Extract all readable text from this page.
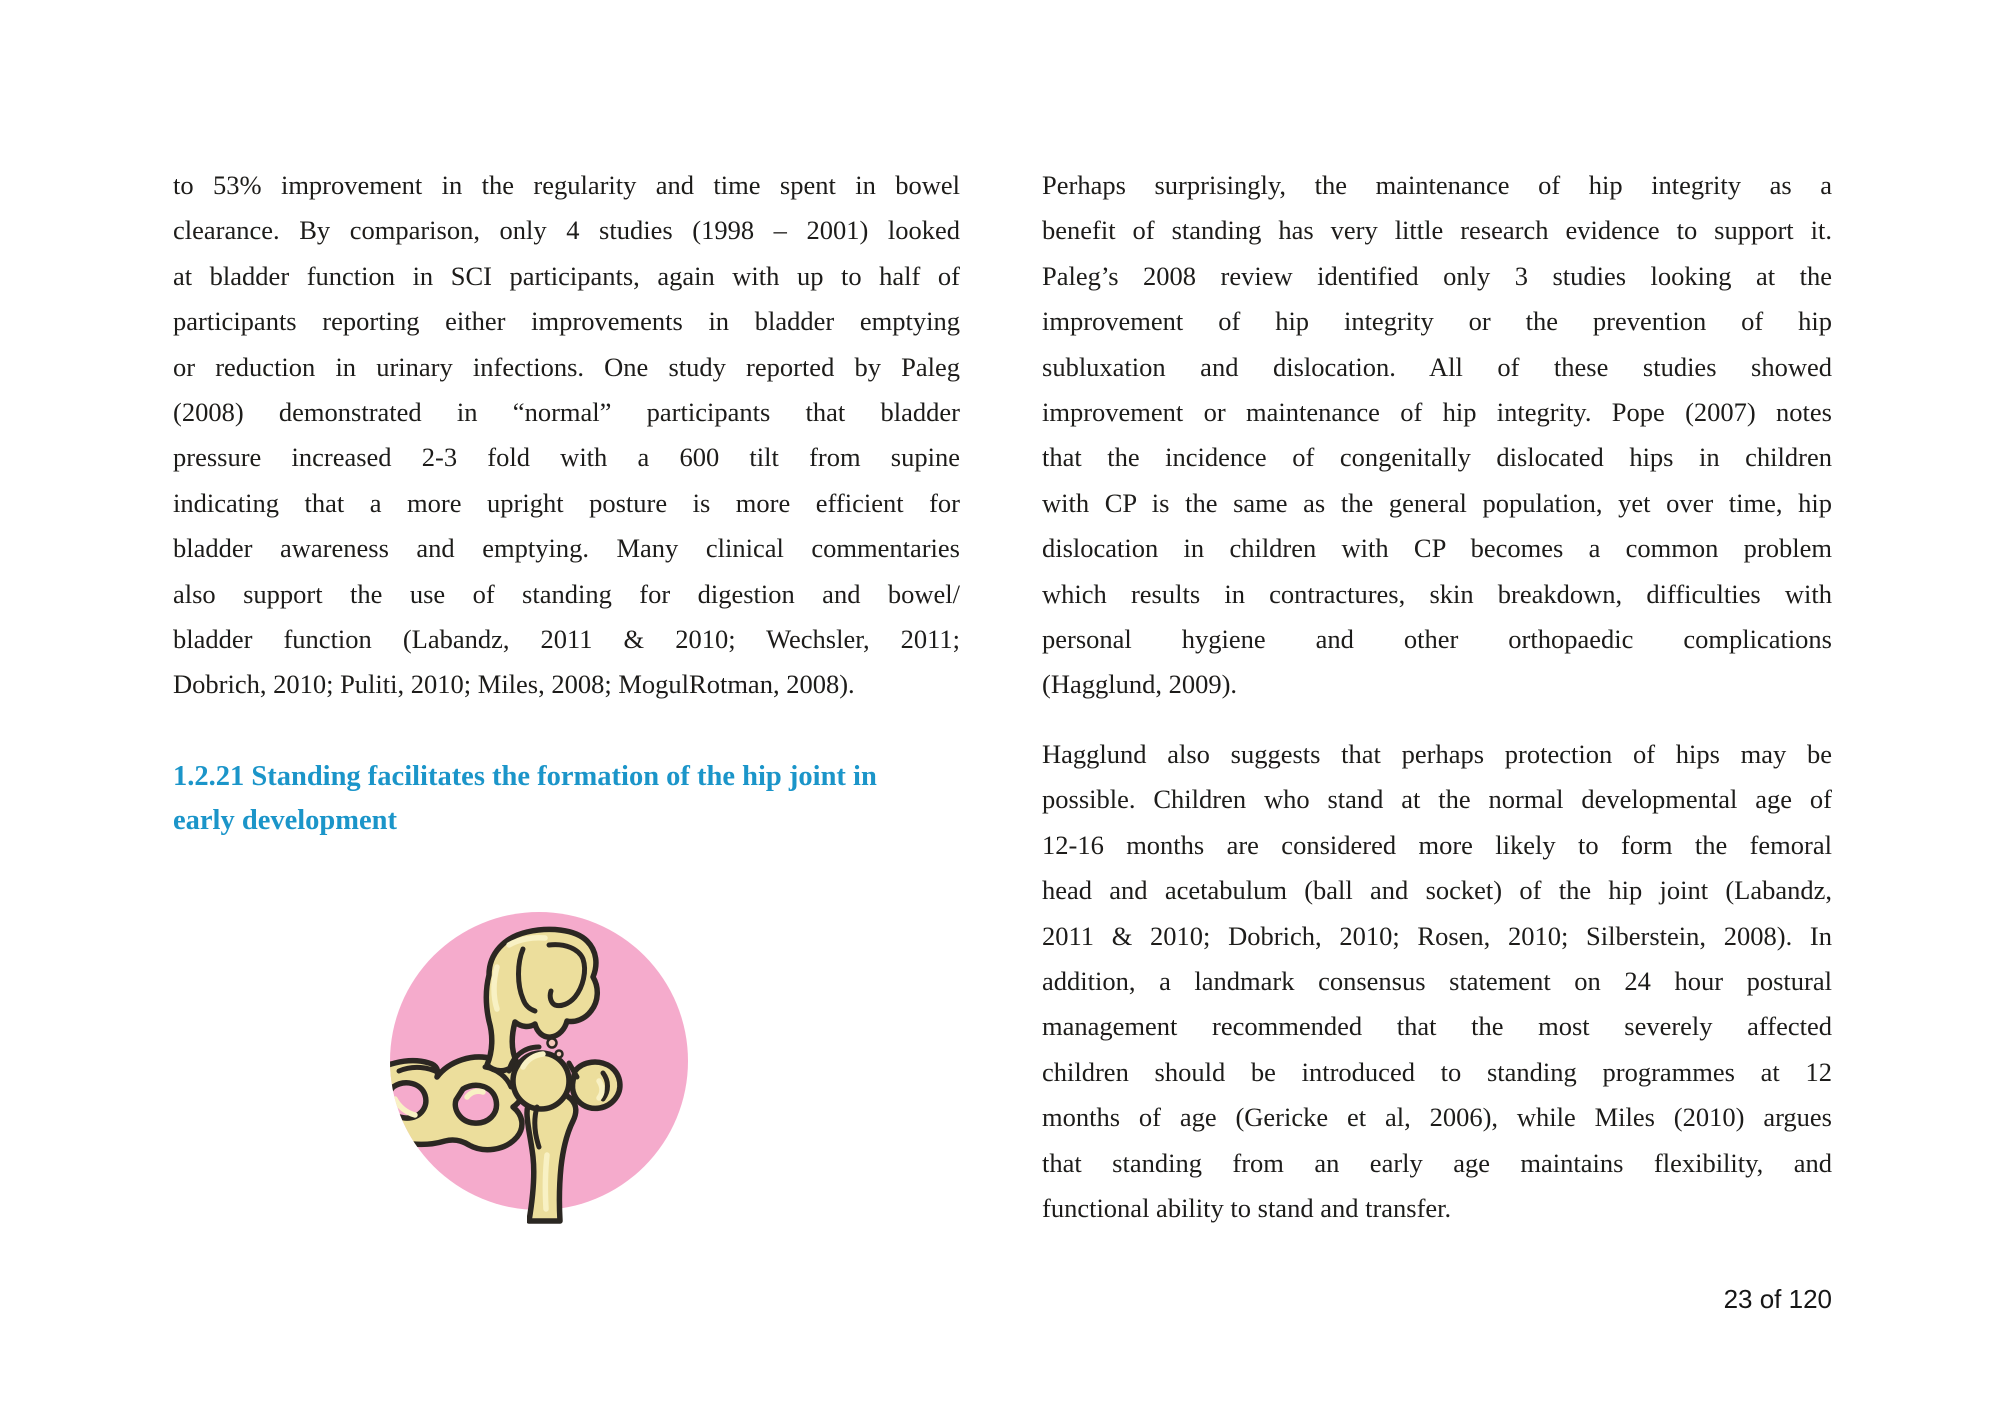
to 53% improvement in the regularity and time spent in bowel
clearance. By comparison, only 4 studies (1998 – 2001) looked
at bladder function in SCI participants, again with up to half of
participants reporting either improvements in bladder emptying
or reduction in urinary infections. One study reported by Paleg
(2008) demonstrated in “normal” participants that bladder
pressure increased 2-3 fold with a 600 tilt from supine
indicating that a more upright posture is more efficient for
bladder awareness and emptying. Many clinical commentaries
also support the use of standing for digestion and bowel/
bladder function (Labandz, 2011 & 2010; Wechsler, 2011;
Dobrich, 2010; Puliti, 2010; Miles, 2008; MogulRotman, 2008).
1.2.21 Standing facilitates the formation of the hip joint in
early development
Perhaps surprisingly, the maintenance of hip integrity as a
benefit of standing has very little research evidence to support it.
Paleg’s 2008 review identified only 3 studies looking at the
improvement of hip integrity or the prevention of hip
subluxation and dislocation. All of these studies showed
improvement or maintenance of hip integrity. Pope (2007) notes
that the incidence of congenitally dislocated hips in children
with CP is the same as the general population, yet over time, hip
dislocation in children with CP becomes a common problem
which results in contractures, skin breakdown, difficulties with
personal hygiene and other orthopaedic complications
(Hagglund, 2009).
Hagglund also suggests that perhaps protection of hips may be
possible. Children who stand at the normal developmental age of
12-16 months are considered more likely to form the femoral
head and acetabulum (ball and socket) of the hip joint (Labandz,
2011 & 2010; Dobrich, 2010; Rosen, 2010; Silberstein, 2008). In
addition, a landmark consensus statement on 24 hour postural
management recommended that the most severely affected
children should be introduced to standing programmes at 12
months of age (Gericke et al, 2006), while Miles (2010) argues
that standing from an early age maintains flexibility, and
functional ability to stand and transfer.
23 of 120
